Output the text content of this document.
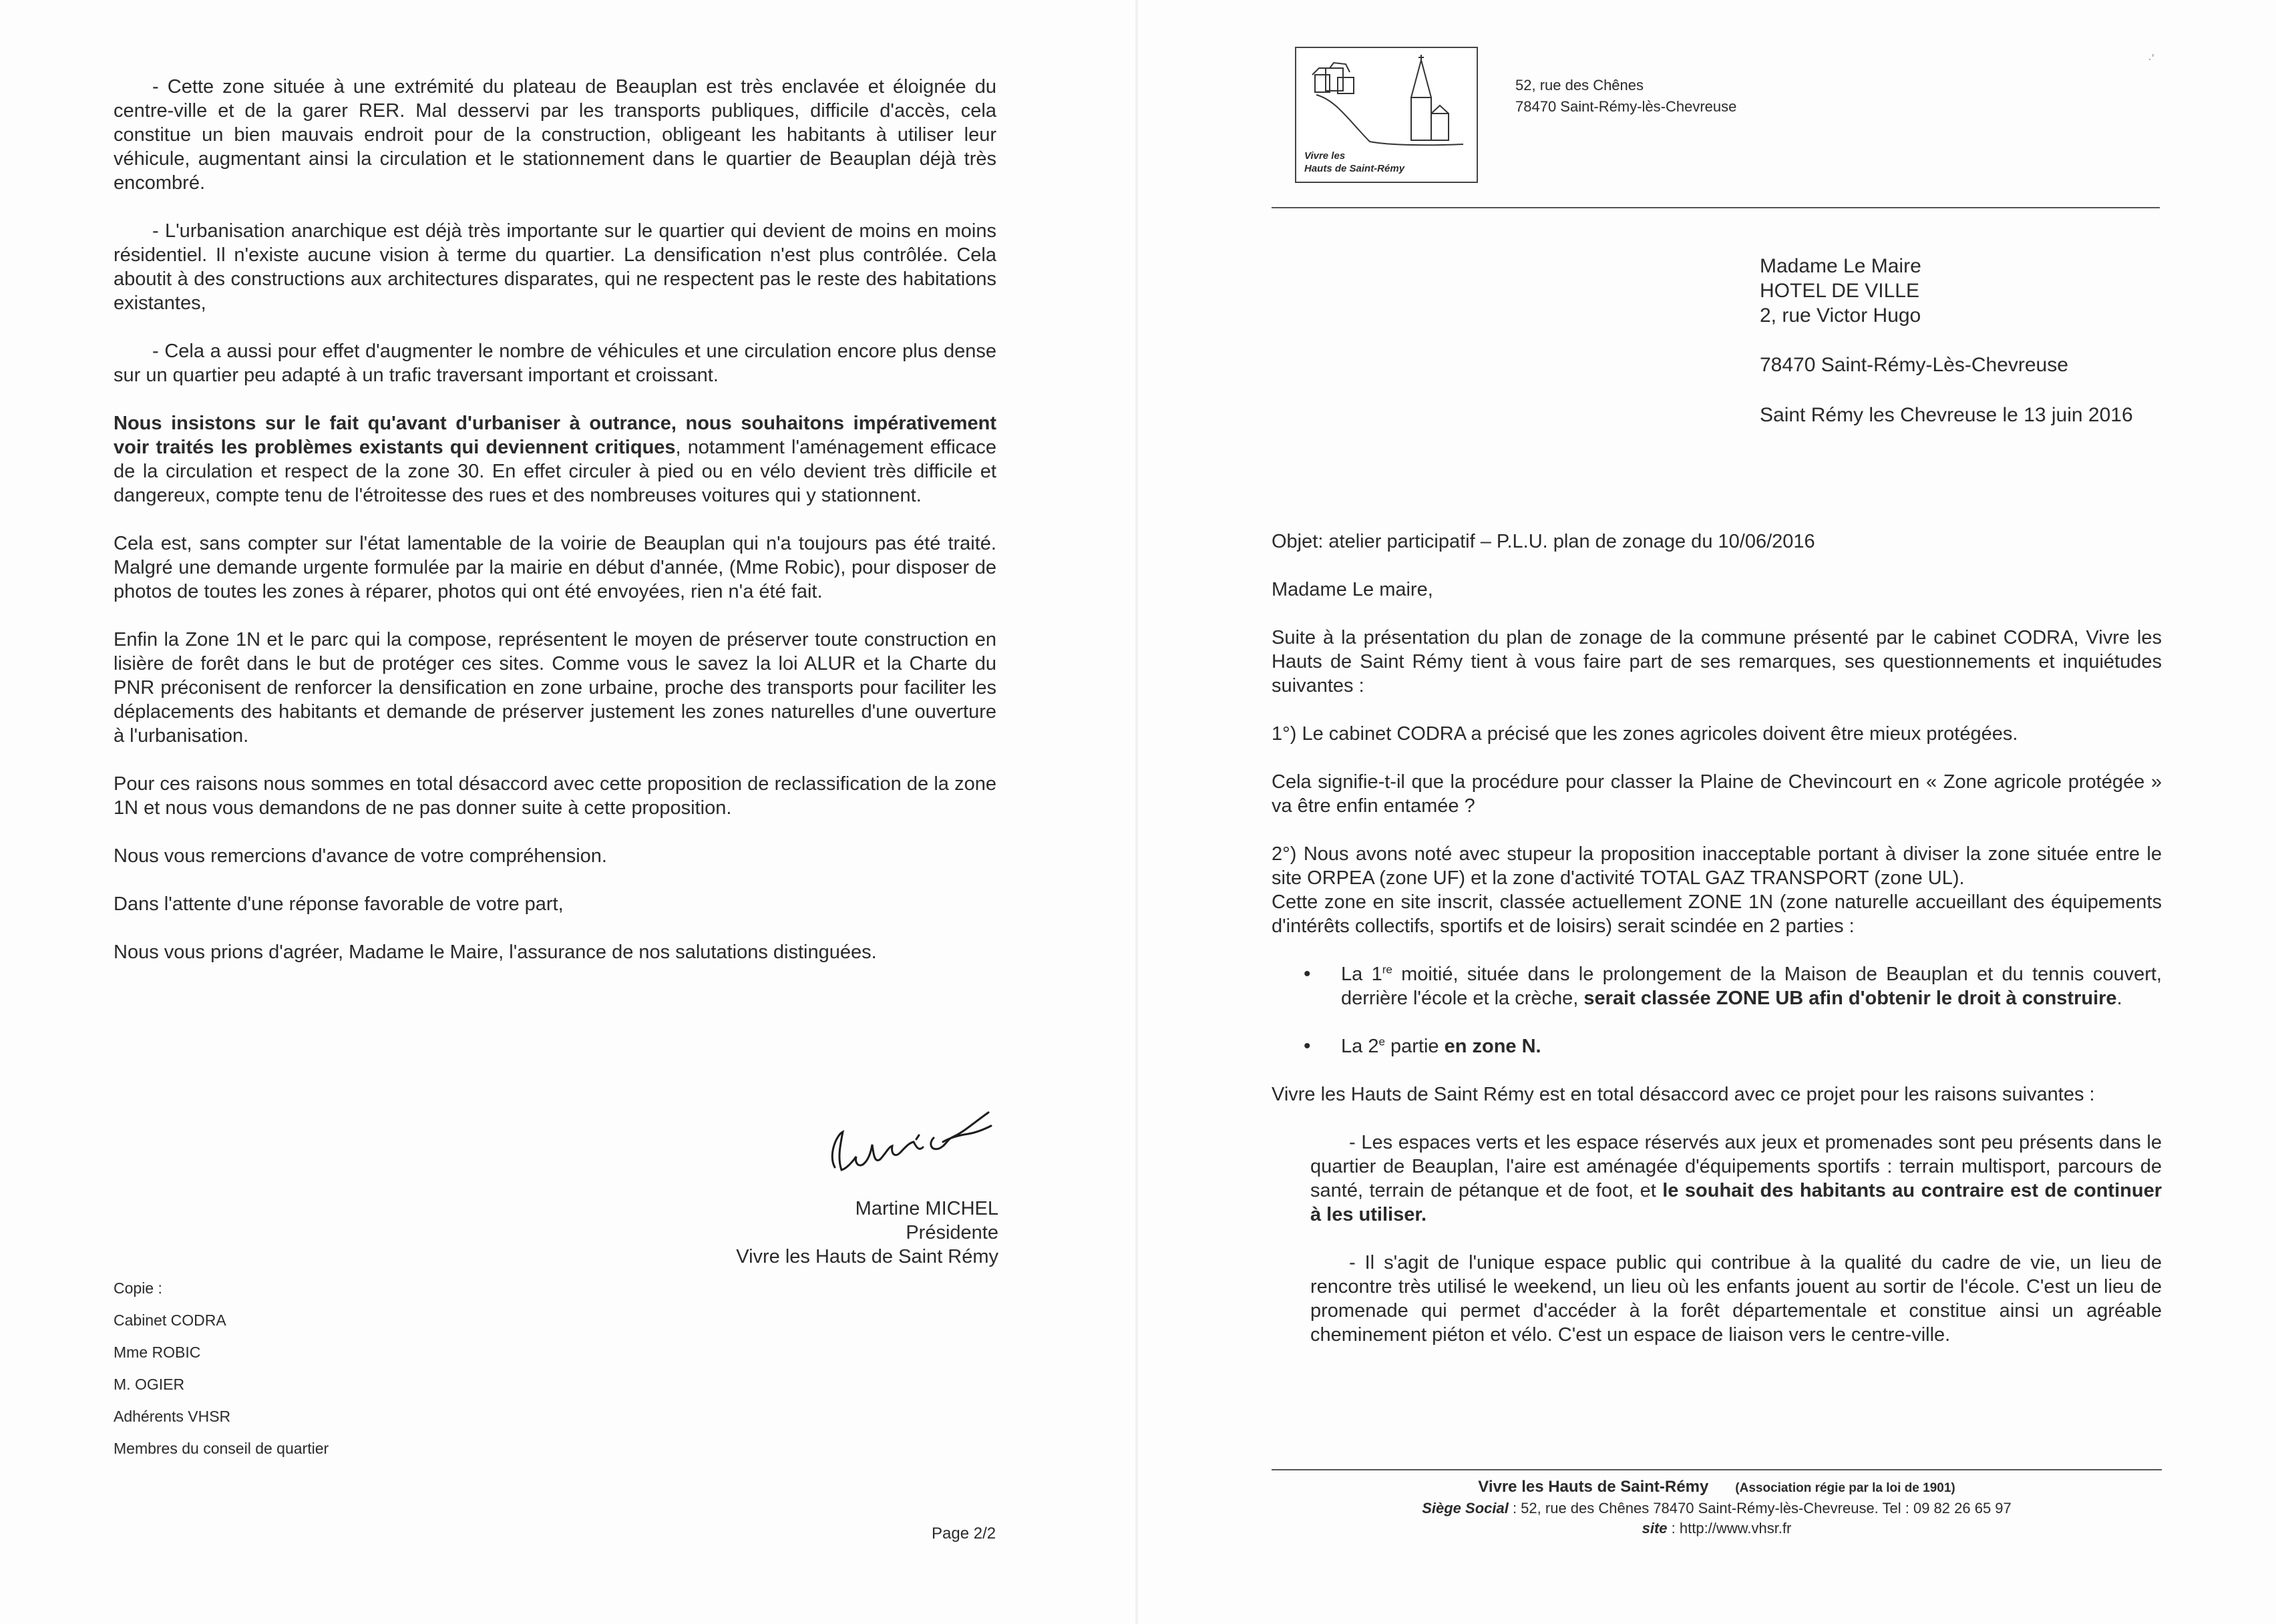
- Cette zone située à une extrémité du plateau de Beauplan est très enclavée et éloignée du centre-ville et de la garer RER. Mal desservi par les transports publiques, difficile d'accès, cela constitue un bien mauvais endroit pour de la construction, obligeant les habitants à utiliser leur véhicule, augmentant ainsi la circulation et le stationnement dans le quartier de Beauplan déjà très encombré.

- L'urbanisation anarchique est déjà très importante sur le quartier qui devient de moins en moins résidentiel. Il n'existe aucune vision à terme du quartier. La densification n'est plus contrôlée. Cela aboutit à des constructions aux architectures disparates, qui ne respectent pas le reste des habitations existantes,

- Cela a aussi pour effet d'augmenter le nombre de véhicules et une circulation encore plus dense sur un quartier peu adapté à un trafic traversant important et croissant.

Nous insistons sur le fait qu'avant d'urbaniser à outrance, nous souhaitons impérativement voir traités les problèmes existants qui deviennent critiques, notamment l'aménagement efficace de la circulation et respect de la zone 30. En effet circuler à pied ou en vélo devient très difficile et dangereux, compte tenu de l'étroitesse des rues et des nombreuses voitures qui y stationnent.

Cela est, sans compter sur l'état lamentable de la voirie de Beauplan qui n'a toujours pas été traité. Malgré une demande urgente formulée par la mairie en début d'année, (Mme Robic), pour disposer de photos de toutes les zones à réparer, photos qui ont été envoyées, rien n'a été fait.

Enfin la Zone 1N et le parc qui la compose, représentent le moyen de préserver toute construction en lisière de forêt dans le but de protéger ces sites. Comme vous le savez la loi ALUR et la Charte du PNR préconisent de renforcer la densification en zone urbaine, proche des transports pour faciliter les déplacements des habitants et demande de préserver justement les zones naturelles d'une ouverture à l'urbanisation.

Pour ces raisons nous sommes en total désaccord avec cette proposition de reclassification de la zone 1N et nous vous demandons de ne pas donner suite à cette proposition.

Nous vous remercions d'avance de votre compréhension.

Dans l'attente d'une réponse favorable de votre part,

Nous vous prions d'agréer, Madame le Maire, l'assurance de nos salutations distinguées.

Martine MICHEL
Présidente
Vivre les Hauts de Saint Rémy
Copie :
Cabinet CODRA
Mme ROBIC
M. OGIER
Adhérents VHSR
Membres du conseil de quartier
Page 2/2
Vivre les
Hauts de Saint-Rémy
52, rue des Chênes
78470 Saint-Rémy-lès-Chevreuse
·'
Madame Le Maire
HOTEL DE VILLE
2, rue Victor Hugo
78470 Saint-Rémy-Lès-Chevreuse
Saint Rémy les Chevreuse le 13 juin 2016

Objet: atelier participatif – P.L.U. plan de zonage du 10/06/2016

Madame Le maire,

Suite à la présentation du plan de zonage de la commune présenté par le cabinet CODRA, Vivre les Hauts de Saint Rémy tient à vous faire part de ses remarques, ses questionnements et inquiétudes suivantes :

1°) Le cabinet CODRA a précisé que les zones agricoles doivent être mieux protégées.

Cela signifie-t-il que la procédure pour classer la Plaine de Chevincourt en « Zone agricole protégée » va être enfin entamée ?

2°) Nous avons noté avec stupeur la proposition inacceptable portant à diviser la zone située entre le site ORPEA (zone UF) et la zone d'activité TOTAL GAZ TRANSPORT (zone UL).

Cette zone en site inscrit, classée actuellement ZONE 1N (zone naturelle accueillant des équipements d'intérêts collectifs, sportifs et de loisirs) serait scindée en 2 parties :

• La 1re moitié, située dans le prolongement de la Maison de Beauplan et du tennis couvert, derrière l'école et la crèche, serait classée ZONE UB afin d'obtenir le droit à construire.
• La 2e partie en zone N.

Vivre les Hauts de Saint Rémy est en total désaccord avec ce projet pour les raisons suivantes :

- Les espaces verts et les espace réservés aux jeux et promenades sont peu présents dans le quartier de Beauplan, l'aire est aménagée d'équipements sportifs : terrain multisport, parcours de santé, terrain de pétanque et de foot, et le souhait des habitants au contraire est de continuer à les utiliser.

- Il s'agit de l'unique espace public qui contribue à la qualité du cadre de vie, un lieu de rencontre très utilisé le weekend, un lieu où les enfants jouent au sortir de l'école. C'est un lieu de promenade qui permet d'accéder à la forêt départementale et constitue ainsi un agréable cheminement piéton et vélo. C'est un espace de liaison vers le centre-ville.

Vivre les Hauts de Saint-Rémy (Association régie par la loi de 1901)
Siège Social : 52, rue des Chênes 78470 Saint-Rémy-lès-Chevreuse. Tel : 09 82 26 65 97
site : http://www.vhsr.fr
